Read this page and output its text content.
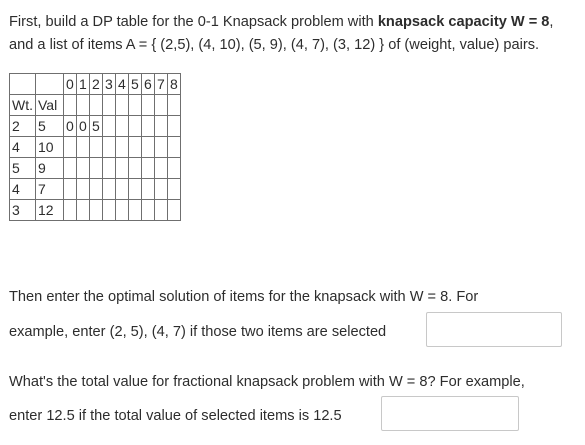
First, build a DP table for the 0-1 Knapsack problem with knapsack capacity W = 8, and a list of items A = { (2,5), (4, 10), (5, 9), (4, 7), (3, 12) } of (weight, value) pairs.

		0	1	2	3	4	5	6	7	8
Wt.	Val									
2	5	0	0	5						
4	10									
5	9									
4	7									
3	12									
Then enter the optimal solution of items for the knapsack with W = 8. For
example, enter (2, 5), (4, 7) if those two items are selected
What's the total value for fractional knapsack problem with W = 8? For example,
enter 12.5 if the total value of selected items is 12.5
